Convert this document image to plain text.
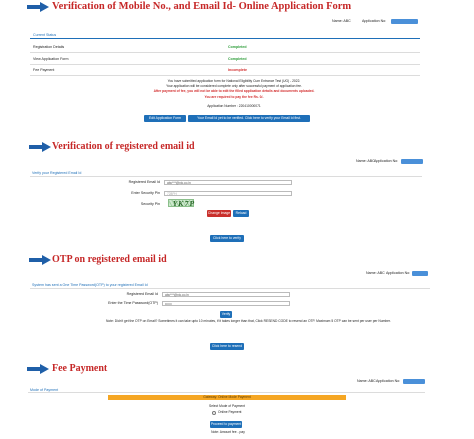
Verification of Mobile No., and Email Id- Online Application Form
Name: ABC	Application No:
Current Status
Registration Details	Completed
View Application Form	Completed
Fee Payment	Incomplete
You have submitted application form for National Eligibility Cum Entrance Test (UG) - 2022.
Your application will be considered complete only after successful payment of application fee.
After payment of fee, you will not be able to edit the filled application details and documents uploaded.
You are required to pay the fee Rs. 0/-
Application Number : 220410000071
Edit Application Form	Your Email Id yet to be verified. Click here to verify your Email Id first.
Verification of registered email id
Name: ABC Application No:
Verify your Registered Email Id
Registered Email Id	abc***@nic.co.in
Enter Security Pin	728PH
Security Pin YK7P
Change Image	Reload
Click here to verify
OTP on registered email id
Name: ABC Application No:
System has sent a One Time Password(OTP) to your registered Email Id
Registered Email Id	abc***@nic.co.in
Enter the Time Password(OTP)	••••••
Verify
Note: Didn't get the OTP on Email? Sometimes it can take upto 10 minutes, if it takes longer than that, Click RESEND CODE to resend an OTP. Maximum 5 OTP can be sent per user per Number.
Click here to resend
Fee Payment
Name: ABC Application No:
Mode of Payment
Gateway: Online Mode Payment
Select Mode of Payment
Online Payment
Proceed to payment
Note: Amount fee - pay
